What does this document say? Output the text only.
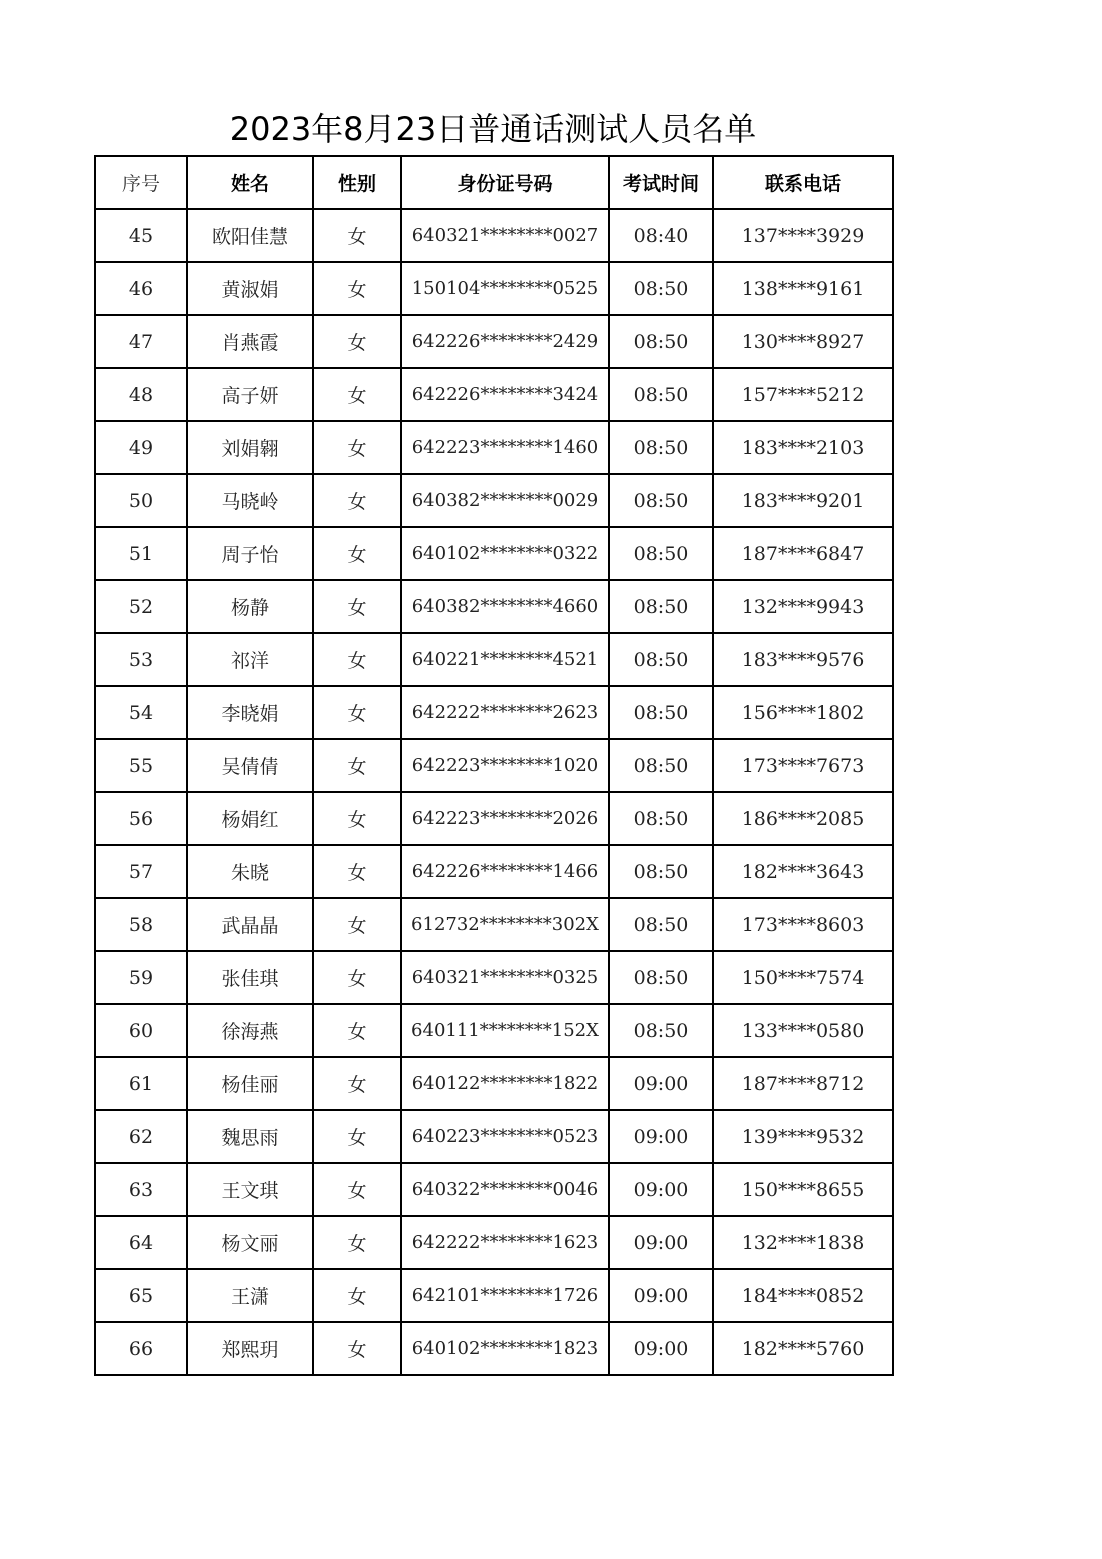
2023年8月23日普通话测试人员名单
序号	姓名	性别	身份证号码	考试时间	联系电话
45	欧阳佳慧	女	640321********0027	08:40	137****3929
46	黄淑娟	女	150104********0525	08:50	138****9161
47	肖燕霞	女	642226********2429	08:50	130****8927
48	高子妍	女	642226********3424	08:50	157****5212
49	刘娟翱	女	642223********1460	08:50	183****2103
50	马晓岭	女	640382********0029	08:50	183****9201
51	周子怡	女	640102********0322	08:50	187****6847
52	杨静	女	640382********4660	08:50	132****9943
53	祁洋	女	640221********4521	08:50	183****9576
54	李晓娟	女	642222********2623	08:50	156****1802
55	吴倩倩	女	642223********1020	08:50	173****7673
56	杨娟红	女	642223********2026	08:50	186****2085
57	朱晓	女	642226********1466	08:50	182****3643
58	武晶晶	女	612732********302X	08:50	173****8603
59	张佳琪	女	640321********0325	08:50	150****7574
60	徐海燕	女	640111********152X	08:50	133****0580
61	杨佳丽	女	640122********1822	09:00	187****8712
62	魏思雨	女	640223********0523	09:00	139****9532
63	王文琪	女	640322********0046	09:00	150****8655
64	杨文丽	女	642222********1623	09:00	132****1838
65	王潇	女	642101********1726	09:00	184****0852
66	郑熙玥	女	640102********1823	09:00	182****5760
